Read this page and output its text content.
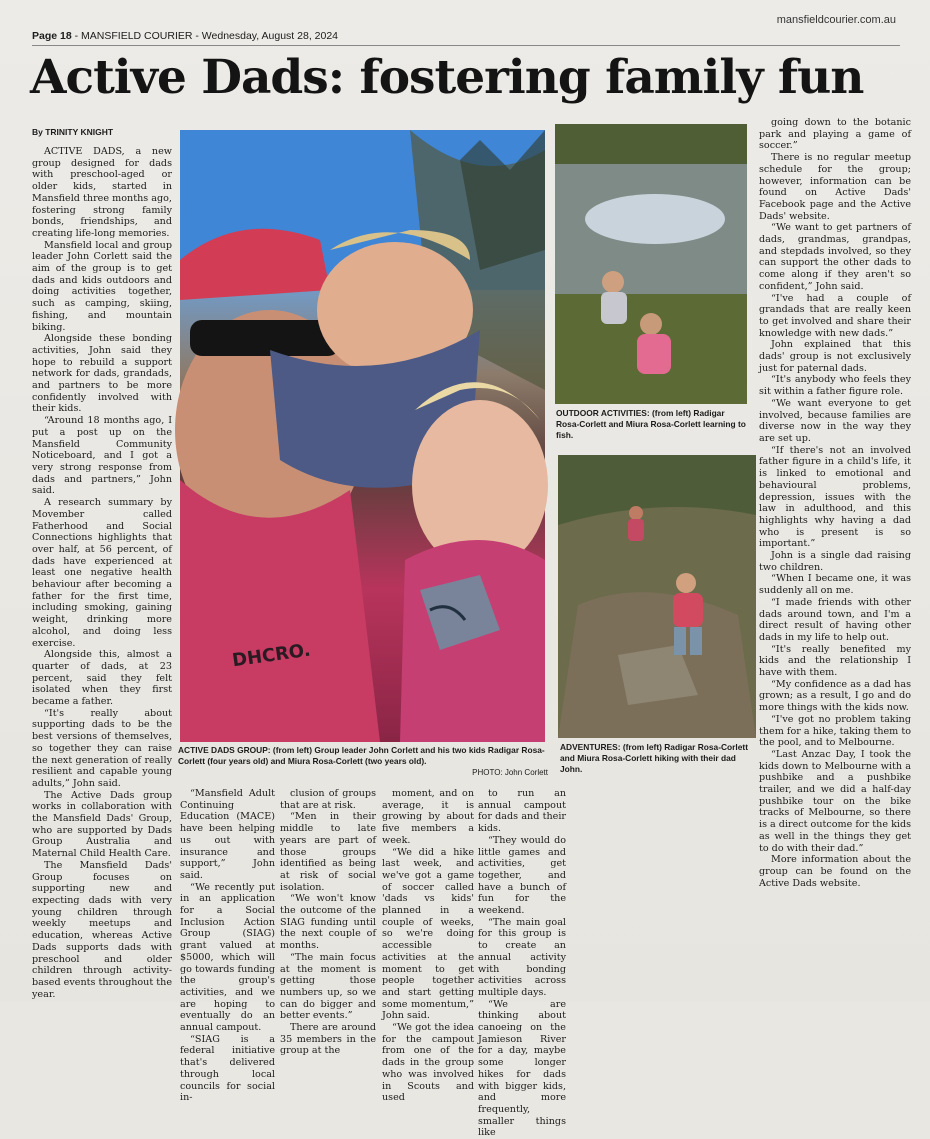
Page 18 - MANSFIELD COURIER - Wednesday, August 28, 2024
mansfieldcourier.com.au
Active Dads: fostering family fun
By TRINITY KNIGHT

ACTIVE DADS, a new group designed for dads with preschool-aged or older kids, started in Mansfield three months ago, fostering strong family bonds, friendships, and creating life-long memories.

Mansfield local and group leader John Corlett said the aim of the group is to get dads and kids outdoors and doing activities together, such as camping, skiing, fishing, and mountain biking.

Alongside these bonding activities, John said they hope to rebuild a support network for dads, grandads, and partners to be more confidently involved with their kids.

“Around 18 months ago, I put a post up on the Mansfield Community Noticeboard, and I got a very strong response from dads and partners,” John said.

A research summary by Movember called Fatherhood and Social Connections highlights that over half, at 56 percent, of dads have experienced at least one negative health behaviour after becoming a father for the first time, including smoking, gaining weight, drinking more alcohol, and doing less exercise.

Alongside this, almost a quarter of dads, at 23 percent, said they felt isolated when they first became a father.

“It's really about supporting dads to be the best versions of themselves, so together they can raise the next generation of really resilient and capable young adults,” John said.

The Active Dads group works in collaboration with the Mansfield Dads' Group, who are supported by Dads Group Australia and Maternal Child Health Care.

The Mansfield Dads' Group focuses on supporting new and expecting dads with very young children through weekly meetups and education, whereas Active Dads supports dads with preschool and older children through activity-based events throughout the year.

DHCRO.
ACTIVE DADS GROUP: (from left) Group leader John Corlett and his two kids Radigar Rosa-Corlett (four years old) and Miura Rosa-Corlett (two years old).
PHOTO: John Corlett
OUTDOOR ACTIVITIES: (from left) Radigar Rosa-Corlett and Miura Rosa-Corlett learning to fish.
ADVENTURES: (from left) Radigar Rosa-Corlett and Miura Rosa-Corlett hiking with their dad John.

“Mansfield Adult Continuing Education (MACE) have been helping us out with insurance and support,” John said.

“We recently put in an application for a Social Inclusion Action Group (SIAG) grant valued at $5000, which will go towards funding the group's activities, and we are hoping to eventually do an annual campout.

“SIAG is a federal initiative that's delivered through local councils for social in-

clusion of groups that are at risk.

“Men in their middle to late years are part of those groups identified as being at risk of social isolation.

“We won't know the outcome of the SIAG funding until the next couple of months.

“The main focus at the moment is getting those numbers up, so we can do bigger and better events.”

There are around 35 members in the group at the

moment, and on average, it is growing by about five members a week.

“We did a hike last week, and we've got a game of soccer called 'dads vs kids' planned in a couple of weeks, so we're doing accessible activities at the moment to get people together and start getting some momentum,” John said.

“We got the idea for the campout from one of the dads in the group who was involved in Scouts and used

to run an annual campout for dads and their kids.

“They would do little games and activities, get together, and have a bunch of fun for the weekend.

“The main goal for this group is to create an annual activity with bonding activities across multiple days.

“We are thinking about canoeing on the Jamieson River for a day, maybe some longer hikes for dads with bigger kids, and more frequently, smaller things like

going down to the botanic park and playing a game of soccer.”

There is no regular meetup schedule for the group; however, information can be found on Active Dads' Facebook page and the Active Dads' website.

“We want to get partners of dads, grandmas, grandpas, and stepdads involved, so they can support the other dads to come along if they aren't so confident,” John said.

“I've had a couple of grandads that are really keen to get involved and share their knowledge with new dads.”

John explained that this dads' group is not exclusively just for paternal dads.

“It's anybody who feels they sit within a father figure role.

“We want everyone to get involved, because families are diverse now in the way they are set up.

“If there's not an involved father figure in a child's life, it is linked to emotional and behavioural problems, depression, issues with the law in adulthood, and this highlights why having a dad who is present is so important.”

John is a single dad raising two children.

“When I became one, it was suddenly all on me.

“I made friends with other dads around town, and I'm a direct result of having other dads in my life to help out.

“It's really benefited my kids and the relationship I have with them.

“My confidence as a dad has grown; as a result, I go and do more things with the kids now.

“I've got no problem taking them for a hike, taking them to the pool, and to Melbourne.

“Last Anzac Day, I took the kids down to Melbourne with a pushbike and a pushbike trailer, and we did a half-day pushbike tour on the bike tracks of Melbourne, so there is a direct outcome for the kids as well in the things they get to do with their dad.”

More information about the group can be found on the Active Dads website.
